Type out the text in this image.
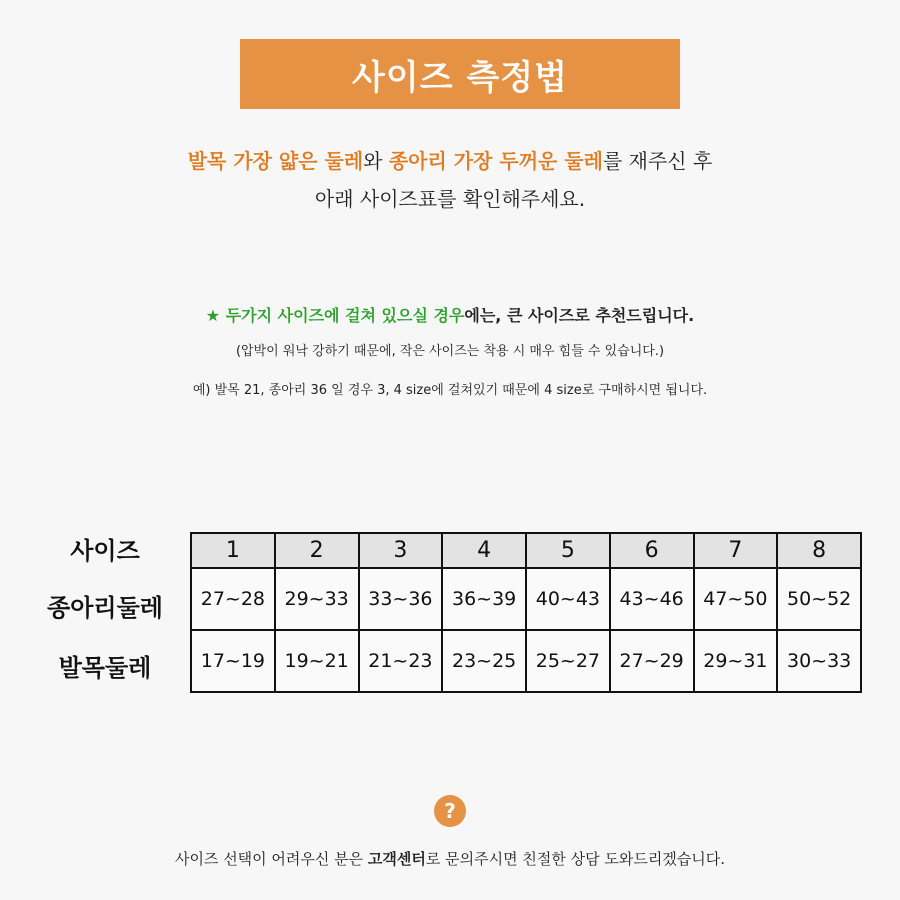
사이즈 측정법
발목 가장 얇은 둘레와 종아리 가장 두꺼운 둘레를 재주신 후
아래 사이즈표를 확인해주세요.
★ 두가지 사이즈에 걸쳐 있으실 경우에는, 큰 사이즈로 추천드립니다.
(압박이 워낙 강하기 때문에, 작은 사이즈는 착용 시 매우 힘들 수 있습니다.)
예) 발목 21, 종아리 36 일 경우 3, 4 size에 걸쳐있기 때문에 4 size로 구매하시면 됩니다.
사이즈
종아리둘레
발목둘레
1	2	3	4	5	6	7	8
27~28	29~33	33~36	36~39	40~43	43~46	47~50	50~52
17~19	19~21	21~23	23~25	25~27	27~29	29~31	30~33
?
사이즈 선택이 어려우신 분은 고객센터로 문의주시면 친절한 상담 도와드리겠습니다.
